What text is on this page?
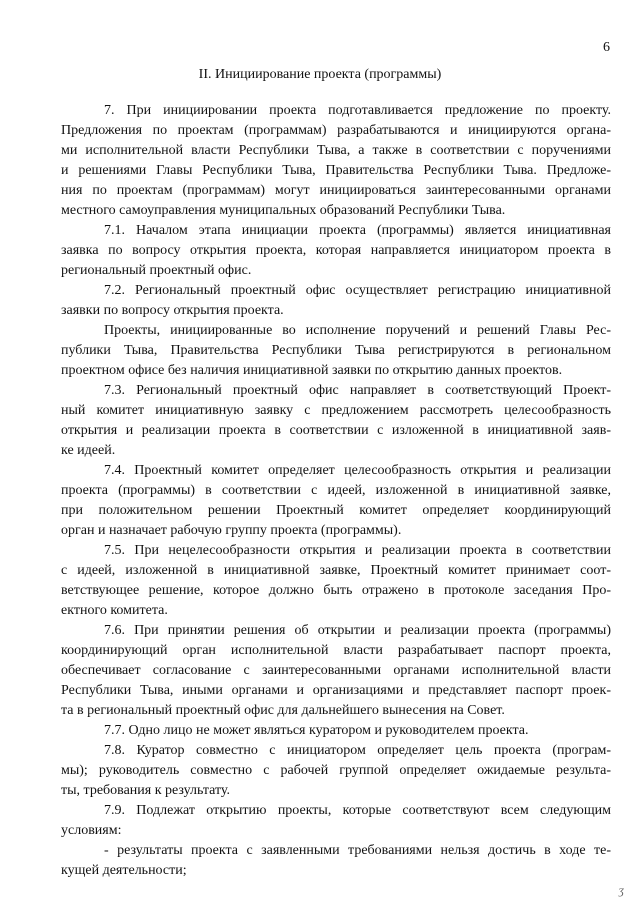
6
II. Инициирование проекта (программы)
7. При инициировании проекта подготавливается предложение по проекту.
Предложения по проектам (программам) разрабатываются и инициируются органа-
ми исполнительной власти Республики Тыва, а также в соответствии с поручениями
и решениями Главы Республики Тыва, Правительства Республики Тыва. Предложе-
ния по проектам (программам) могут инициироваться заинтересованными органами
местного самоуправления муниципальных образований Республики Тыва.
7.1. Началом этапа инициации проекта (программы) является инициативная
заявка по вопросу открытия проекта, которая направляется инициатором проекта в
региональный проектный офис.
7.2. Региональный проектный офис осуществляет регистрацию инициативной
заявки по вопросу открытия проекта.
Проекты, инициированные во исполнение поручений и решений Главы Рес-
публики Тыва, Правительства Республики Тыва регистрируются в региональном
проектном офисе без наличия инициативной заявки по открытию данных проектов.
7.3. Региональный проектный офис направляет в соответствующий Проект-
ный комитет инициативную заявку с предложением рассмотреть целесообразность
открытия и реализации проекта в соответствии с изложенной в инициативной заяв-
ке идеей.
7.4. Проектный комитет определяет целесообразность открытия и реализации
проекта (программы) в соответствии с идеей, изложенной в инициативной заявке,
при положительном решении Проектный комитет определяет координирующий
орган и назначает рабочую группу проекта (программы).
7.5. При нецелесообразности открытия и реализации проекта в соответствии
с идеей, изложенной в инициативной заявке, Проектный комитет принимает соот-
ветствующее решение, которое должно быть отражено в протоколе заседания Про-
ектного комитета.
7.6. При принятии решения об открытии и реализации проекта (программы)
координирующий орган исполнительной власти разрабатывает паспорт проекта,
обеспечивает согласование с заинтересованными органами исполнительной власти
Республики Тыва, иными органами и организациями и представляет паспорт проек-
та в региональный проектный офис для дальнейшего вынесения на Совет.
7.7. Одно лицо не может являться куратором и руководителем проекта.
7.8. Куратор совместно с инициатором определяет цель проекта (програм-
мы); руководитель совместно с рабочей группой определяет ожидаемые результа-
ты, требования к результату.
7.9. Подлежат открытию проекты, которые соответствуют всем следующим
условиям:
- результаты проекта с заявленными требованиями нельзя достичь в ходе те-
кущей деятельности;
ʒ
